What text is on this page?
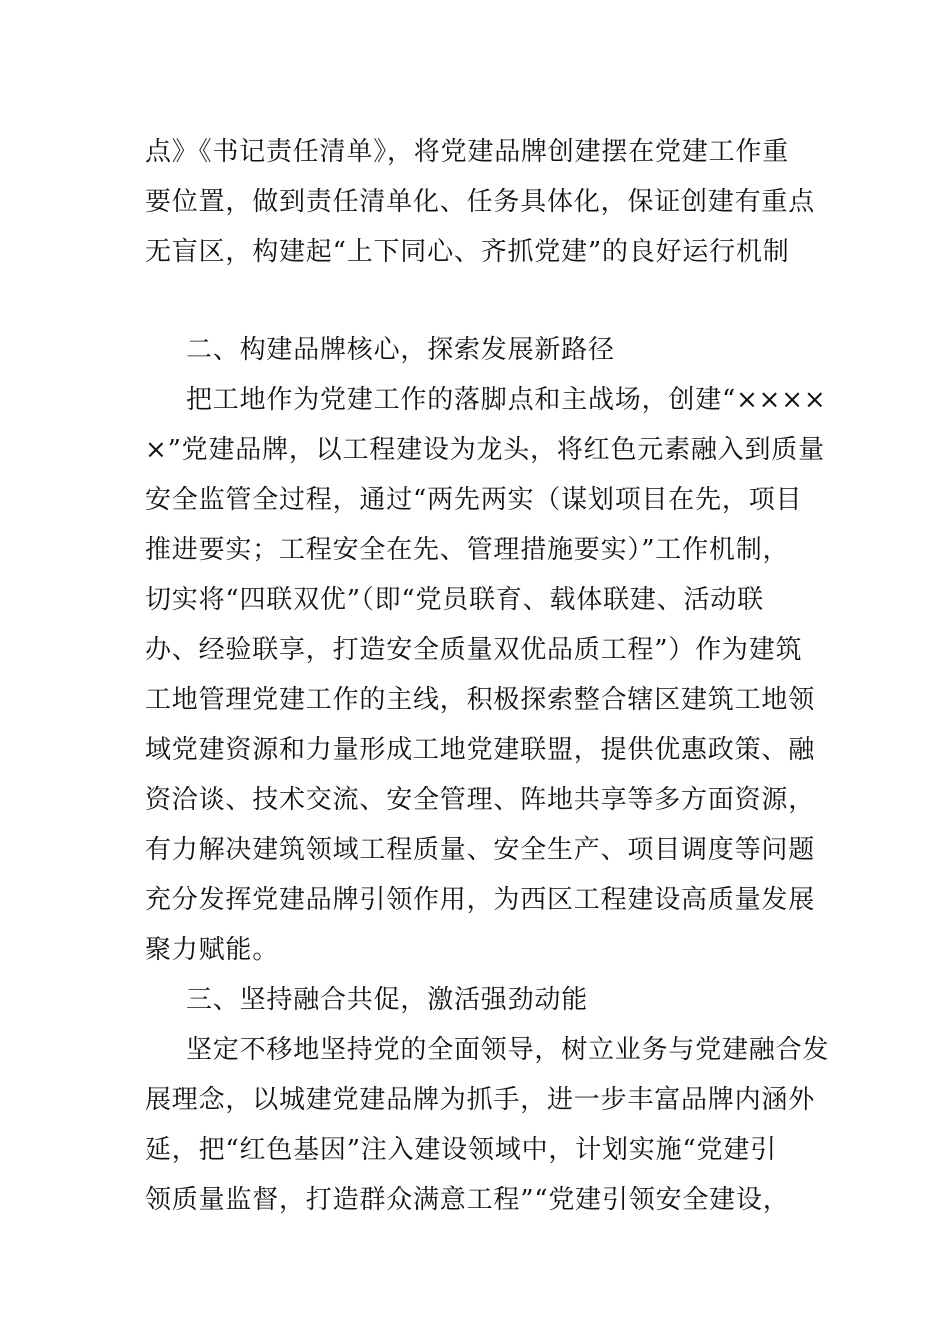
点》《书记责任清单》，将党建品牌创建摆在党建工作重
要位置，做到责任清单化、任务具体化，保证创建有重点
无盲区，构建起“上下同心、齐抓党建”的良好运行机制
二、构建品牌核心，探索发展新路径
把工地作为党建工作的落脚点和主战场，创建“××××
×”党建品牌，以工程建设为龙头，将红色元素融入到质量
安全监管全过程，通过“两先两实（谋划项目在先，项目
推进要实；工程安全在先、管理措施要实）”工作机制，
切实将“四联双优”（即“党员联育、载体联建、活动联
办、经验联享，打造安全质量双优品质工程”）作为建筑
工地管理党建工作的主线，积极探索整合辖区建筑工地领
域党建资源和力量形成工地党建联盟，提供优惠政策、融
资洽谈、技术交流、安全管理、阵地共享等多方面资源，
有力解决建筑领域工程质量、安全生产、项目调度等问题
充分发挥党建品牌引领作用，为西区工程建设高质量发展
聚力赋能。
三、坚持融合共促，激活强劲动能
坚定不移地坚持党的全面领导，树立业务与党建融合发
展理念，以城建党建品牌为抓手，进一步丰富品牌内涵外
延，把“红色基因”注入建设领域中，计划实施“党建引
领质量监督，打造群众满意工程”“党建引领安全建设，
